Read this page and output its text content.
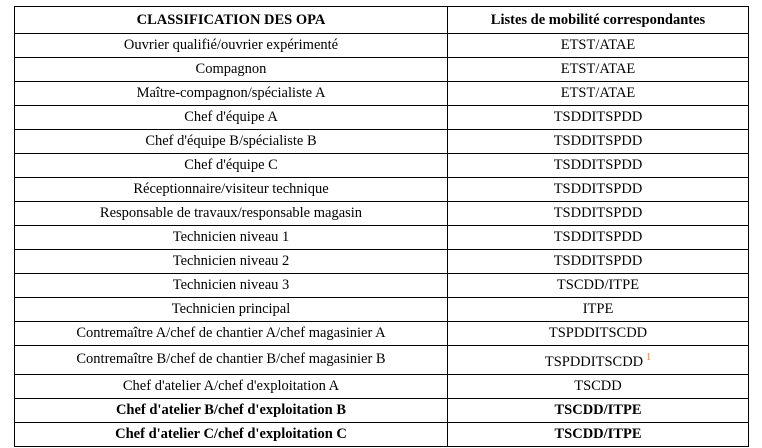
CLASSIFICATION DES OPA	Listes de mobilité correspondantes
Ouvrier qualifié/ouvrier expérimenté	ETST/ATAE
Compagnon	ETST/ATAE
Maître-compagnon/spécialiste A	ETST/ATAE
Chef d'équipe A	TSDDITSPDD
Chef d'équipe B/spécialiste B	TSDDITSPDD
Chef d'équipe C	TSDDITSPDD
Réceptionnaire/visiteur technique	TSDDITSPDD
Responsable de travaux/responsable magasin	TSDDITSPDD
Technicien niveau 1	TSDDITSPDD
Technicien niveau 2	TSDDITSPDD
Technicien niveau 3	TSCDD/ITPE
Technicien principal	ITPE
Contremaître A/chef de chantier A/chef magasinier A	TSPDDITSCDD
Contremaître B/chef de chantier B/chef magasinier B	TSPDDITSCDD $^1$
Chef d'atelier A/chef d'exploitation A	TSCDD
Chef d'atelier B/chef d'exploitation B	TSCDD/ITPE
Chef d'atelier C/chef d'exploitation C	TSCDD/ITPE
